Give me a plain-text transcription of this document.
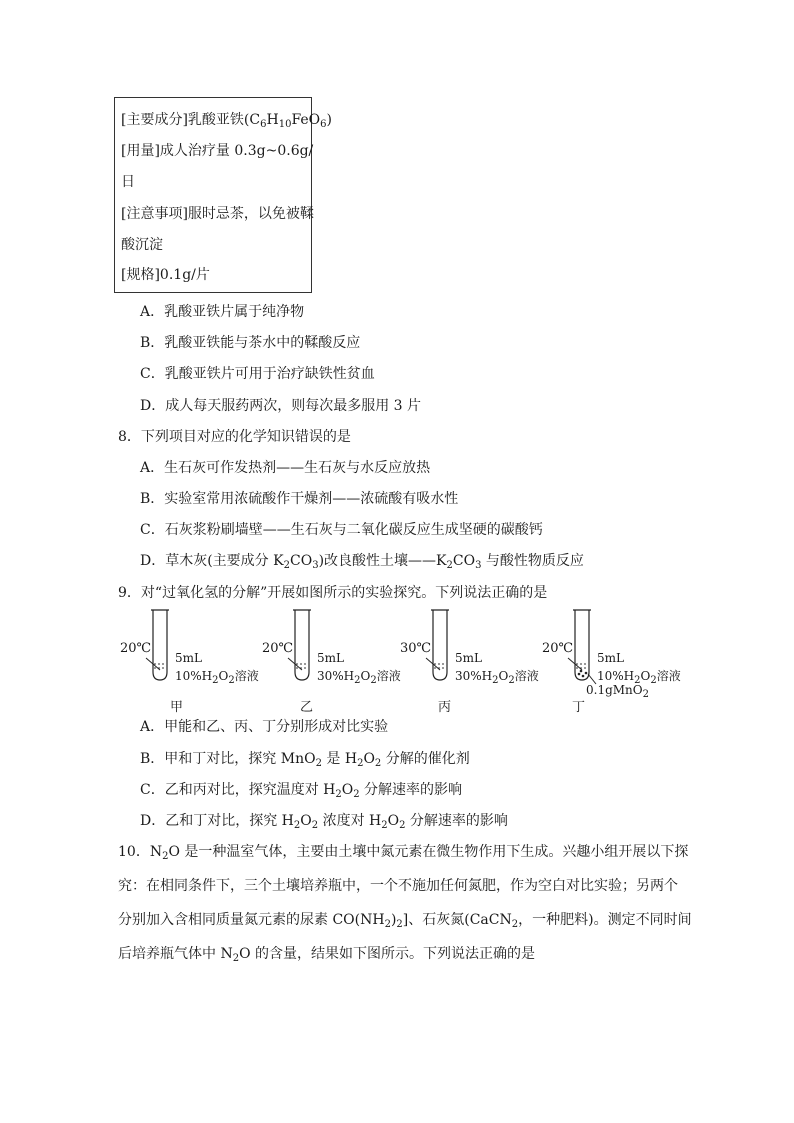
[主要成分]乳酸亚铁$(C_6H_{10}FeO_6)$
[用量]成人治疗量 0.3g~0.6g/
日
[注意事项]服时忌茶，以免被鞣
酸沉淀
[规格]0.1g/片
A．乳酸亚铁片属于纯净物
B．乳酸亚铁能与茶水中的鞣酸反应
C．乳酸亚铁片可用于治疗缺铁性贫血
D．成人每天服药两次，则每次最多服用 3 片
8．下列项目对应的化学知识错误的是
A．生石灰可作发热剂——生石灰与水反应放热
B．实验室常用浓硫酸作干燥剂——浓硫酸有吸水性
C．石灰浆粉刷墙壁——生石灰与二氧化碳反应生成坚硬的碳酸钙
D．草木灰(主要成分 $K_2CO_3$)改良酸性土壤$——K_2CO_3$ 与酸性物质反应
9．对“过氧化氢的分解”开展如图所示的实验探究。下列说法正确的是
20℃
5mL
$10\%H_2O_2$溶液
甲
20℃
5mL
$30\%H_2O_2$溶液
乙
30℃
5mL
$30\%H_2O_2$溶液
丙
20℃
5mL
$10\%H_2O_2$溶液
0.1gMnO$_2$
丁
A．甲能和乙、丙、丁分别形成对比实验
B．甲和丁对比，探究 MnO$_2$ 是 $H_2O_2$ 分解的催化剂
C．乙和丙对比，探究温度对 $H_2O_2$ 分解速率的影响
D．乙和丁对比，探究 $H_2O_2$ 浓度对 $H_2O_2$ 分解速率的影响
10．$N_2O$ 是一种温室气体，主要由土壤中氮元素在微生物作用下生成。兴趣小组开展以下探
究：在相同条件下，三个土壤培养瓶中，一个不施加任何氮肥，作为空白对比实验；另两个
分别加入含相同质量氮元素的尿素 $CO(NH_2)_2$]、石灰氮(CaCN$_2$，一种肥料)。测定不同时间
后培养瓶气体中 $N_2O$ 的含量，结果如下图所示。下列说法正确的是
